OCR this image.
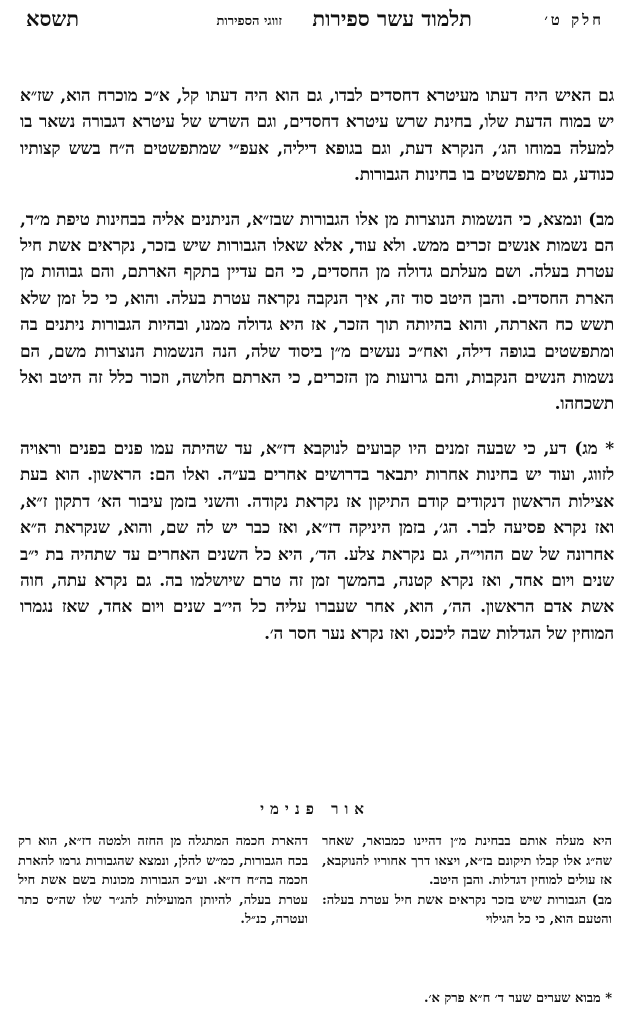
חלק ט׳
תלמוד עשר ספירות
זווגי הספירות
תשסא

גם האיש היה דעתו מעיטרא דחסדים לבדו, גם הוא היה דעתו קל, א״כ מוכרח הוא, שז״א יש במוח הדעת שלו, בחינת שרש עיטרא דחסדים, וגם השרש של עיטרא דגבורה נשאר בו למעלה במוחו הג׳, הנקרא דעת, וגם בגופא דיליה, אעפ״י שמתפשטים ה״ח בשש קצותיו כנודע, גם מתפשטים בו בחינות הגבורות.

מב) ונמצא, כי הנשמות הנוצרות מן אלו הגבורות שבז״א, הניתנים אליה בבחינות טיפת מ״ד, הם נשמות אנשים זכרים ממש. ולא עוד, אלא שאלו הגבורות שיש בזכר, נקראים אשת חיל עטרת בעלה. ושם מעלתם גדולה מן החסדים, כי הם עדיין בתקף הארתם, והם גבוהות מן הארת החסדים. והבן היטב סוד זה, איך הנקבה נקראה עטרת בעלה. והוא, כי כל זמן שלא תשש כח הארתה, והוא בהיותה תוך הזכר, אז היא גדולה ממנו, ובהיות הגבורות ניתנים בה ומתפשטים בגופה דילה, ואח״כ נעשים מ״ן ביסוד שלה, הנה הנשמות הנוצרות משם, הם נשמות הנשים הנקבות, והם גרועות מן הזכרים, כי הארתם חלושה, וזכור כלל זה היטב ואל תשכחהו.

* מג) דע, כי שבעה זמנים היו קבועים לנוקבא דז״א, עד שהיתה עמו פנים בפנים וראויה לזווג, ועוד יש בחינות אחרות יתבאר בדרושים אחרים בע״ה. ואלו הם: הראשון. הוא בעת אצילות הראשון דנקודים קודם התיקון אז נקראת נקודה. והשני בזמן עיבור הא׳ דתקון ז״א, ואז נקרא פסיעה לבר. הג׳, בזמן היניקה דז״א, ואז כבר יש לה שם, והוא, שנקראת ה״א אחרונה של שם ההוי״ה, גם נקראת צלע. הד׳, היא כל השנים האחרים עד שתהיה בת י״ב שנים ויום אחד, ואז נקרא קטנה, בהמשך זמן זה טרם שיושלמו בה. גם נקרא עתה, חוה אשת אדם הראשון. הה׳, הוא, אחר שעברו עליה כל הי״ב שנים ויום אחד, שאז נגמרו המוחין של הגדלות שבה ליכנס, ואז נקרא נער חסר ה׳.

אור פנימי

היא מעלה אותם בבחינת מ״ן דהיינו כמבואר, שאחר שה״ג אלו קבלו תיקונם בז״א, ויצאו דרך אחוריו להנוקבא, אז עולים למוחין דגדלות. והבן היטב.

מב) הגבורות שיש בזכר נקראים אשת חיל עטרת בעלה: והטעם הוא, כי כל הגילוי

דהארת חכמה המתגלה מן החזה ולמטה דז״א, הוא רק בכח הגבורות, כמ״ש להלן, ונמצא שהגבורות גרמו להארת חכמה בה״ח דז״א. וע״כ הגבורות מכונות בשם אשת חיל עטרת בעלה, להיותן המועילות להג״ר שלו שה״ס כתר ועטרה, כנ״ל.

* מבוא שערים שער ד׳ ח״א פרק א׳.
